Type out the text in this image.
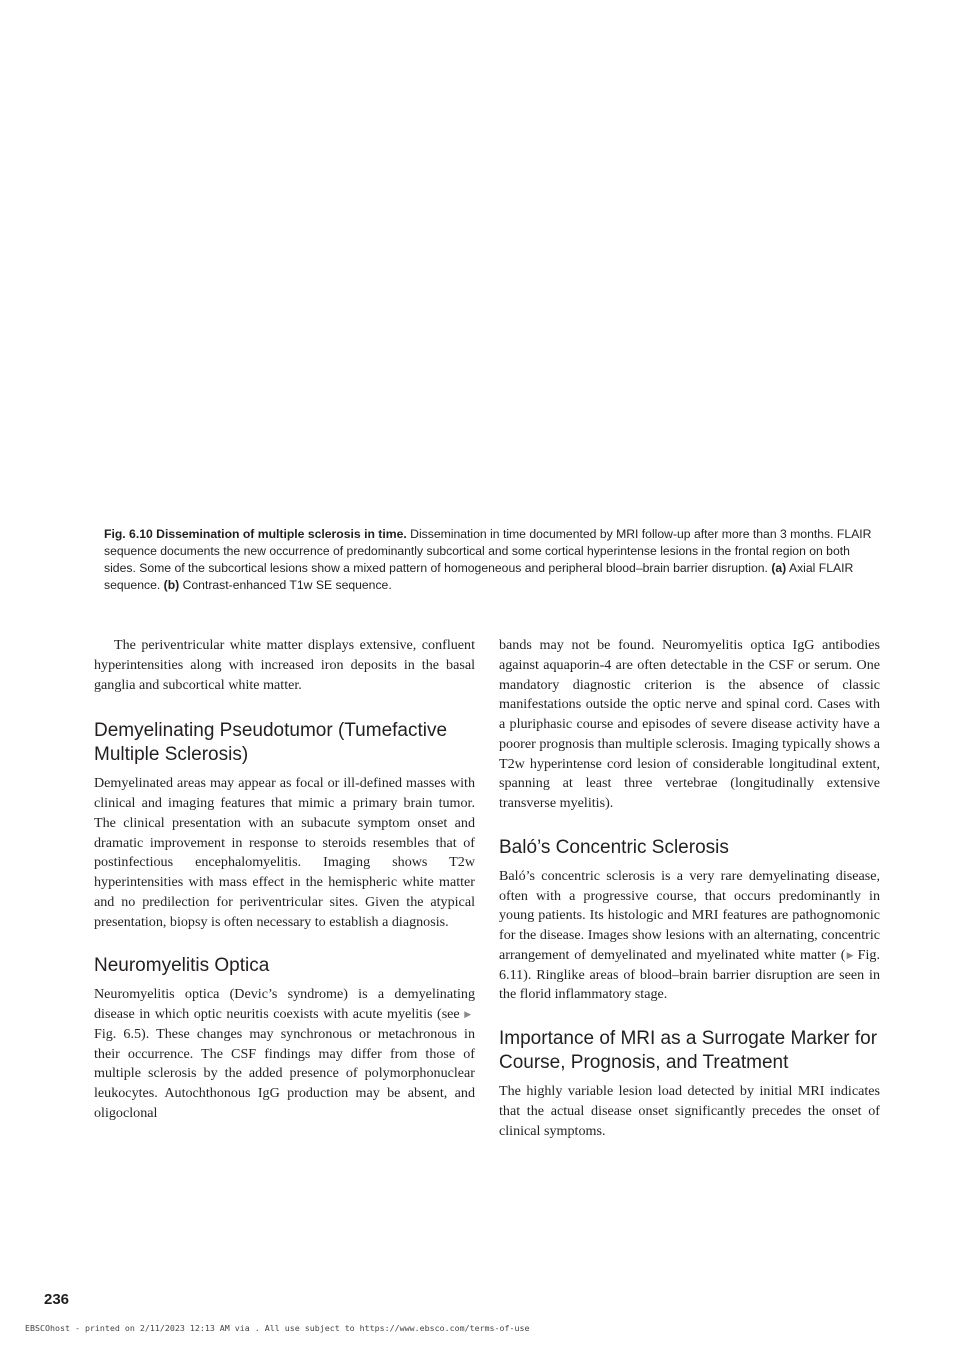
Fig. 6.10 Dissemination of multiple sclerosis in time. Dissemination in time documented by MRI follow-up after more than 3 months. FLAIR sequence documents the new occurrence of predominantly subcortical and some cortical hyperintense lesions in the frontal region on both sides. Some of the subcortical lesions show a mixed pattern of homogeneous and peripheral blood–brain barrier disruption. (a) Axial FLAIR sequence. (b) Contrast-enhanced T1w SE sequence.

The periventricular white matter displays extensive, confluent hyperintensities along with increased iron deposits in the basal ganglia and subcortical white matter.

Demyelinating Pseudotumor (Tumefactive Multiple Sclerosis)

Demyelinated areas may appear as focal or ill-defined masses with clinical and imaging features that mimic a primary brain tumor. The clinical presentation with an subacute symptom onset and dramatic improvement in response to steroids resembles that of postinfectious encephalomyelitis. Imaging shows T2w hyperintensities with mass effect in the hemispheric white matter and no predilection for periventricular sites. Given the atypical presentation, biopsy is often necessary to establish a diagnosis.

Neuromyelitis Optica

Neuromyelitis optica (Devic’s syndrome) is a demyelinating disease in which optic neuritis coexists with acute myelitis (see ▶ Fig. 6.5). These changes may synchronous or metachronous in their occurrence. The CSF findings may differ from those of multiple sclerosis by the added presence of polymorphonuclear leukocytes. Autochthonous IgG production may be absent, and oligoclonal

bands may not be found. Neuromyelitis optica IgG antibodies against aquaporin-4 are often detectable in the CSF or serum. One mandatory diagnostic criterion is the absence of classic manifestations outside the optic nerve and spinal cord. Cases with a pluriphasic course and episodes of severe disease activity have a poorer prognosis than multiple sclerosis. Imaging typically shows a T2w hyperintense cord lesion of considerable longitudinal extent, spanning at least three vertebrae (longitudinally extensive transverse myelitis).

Baló’s Concentric Sclerosis

Baló’s concentric sclerosis is a very rare demyelinating disease, often with a progressive course, that occurs predominantly in young patients. Its histologic and MRI features are pathognomonic for the disease. Images show lesions with an alternating, concentric arrangement of demyelinated and myelinated white matter (▶  Fig. 6.11). Ringlike areas of blood–brain barrier disruption are seen in the florid inflammatory stage.

Importance of MRI as a Surrogate Marker for Course, Prognosis, and Treatment

The highly variable lesion load detected by initial MRI indicates that the actual disease onset significantly precedes the onset of clinical symptoms.

236
EBSCOhost - printed on 2/11/2023 12:13 AM via . All use subject to https://www.ebsco.com/terms-of-use
